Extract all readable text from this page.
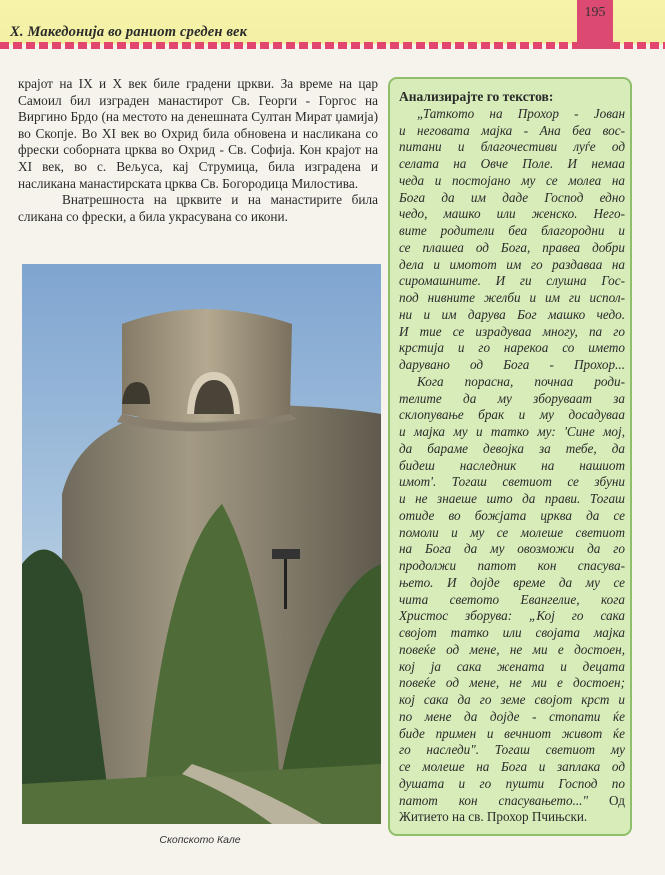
X. Македонија во раниот среден век
195

крајот на IX и X век биле градени цркви. За време на цар Самоил бил изграден манастирот Св. Георги - Горгос на Виргино Брдо (на местото на денешната Султан Мират џамија) во Скопје. Во XI век во Охрид била обновена и насликана со фрески соборната црква во Охрид - Св. Софија. Кон крајот на XI век, во с. Вељуса, кај Струмица, била изградена и насликана манастирската црква Св. Богородица Милостива.

Внатрешноста на црквите и на манастирите била сликана со фрески, а била украсувана со икони.

Скопското Кале
Анализирајте го текстов:
„Таткото на Прохор - Јован
и неговата мајка - Ана беа вос-
питани и благочестиви луѓе од
селата на Овче Поле. И немаа
чеда и постојано му се молеа на
Бога да им даде Господ едно
чедо, машко или женско. Него-
вите родители беа благородни и
се плашеа од Бога, правеа добри
дела и имотот им го раздаваа на
сиромашните. И ги слушна Гос-
под нивните желби и им ги испол-
ни и им дарува Бог машко чедо.
И тие се израдуваа многу, па го
крстија и го нарекоа со името
дарувано од Бога - Прохор...
Кога порасна, почнаа роди-
телите да му зборуваат за
склопување брак и му досадуваа
и мајка му и татко му: 'Сине мој,
да бараме девојка за тебе, да
бидеш наследник на нашиот
имот'. Тогаш светиот се збуни
и не знаеше што да прави. Тогаш
отиде во божјата црква да се
помоли и му се молеше светиот
на Бога да му овозможи да го
продолжи патот кон спасува-
њето. И дојде време да му се
чита светото Евангелие, кога
Христос зборува: „Кој го сака
својот татко или својата мајка
повеќе од мене, не ми е достоен,
кој ја сака жената и децата
повеќе од мене, не ми е достоен;
кој сака да го земе својот крст и
по мене да дојде - стопати ќе
биде примен и вечниот живот ќе
го наследи". Тогаш светиот му
се молеше на Бога и заплака од
душата и го пушти Господ по
патот кон спасувањето..." Од
Житието на св. Прохор Пчињски.
